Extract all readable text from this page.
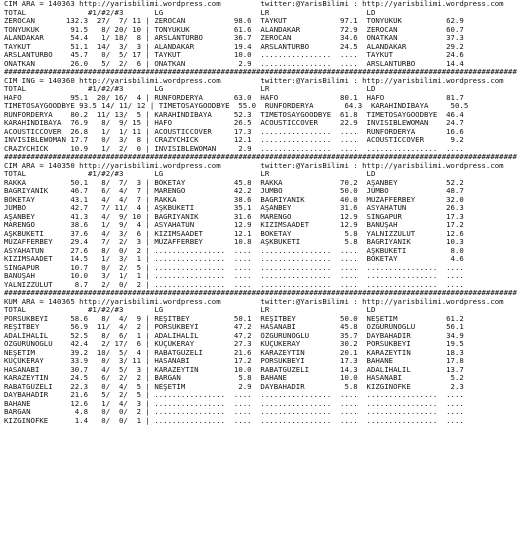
CIM ARA = 140363 http://yarisbilimi.wordpress.com         twitter:@YarisBilimi : http://yarisbilimi.wordpress.com
TOTAL              #1/#2/#3       LG                      LR                      LD
ZEROCAN       132.3  27/  7/ 11 | ZEROCAN           98.6  TAYKUT            97.1  TONYUKUK          62.9
TONYUKUK       91.5   8/ 20/ 10 | TONYUKUK          61.6  ALANDAKAR         72.9  ZEROCAN           60.7
ALANDAKAR      54.4   1/ 18/  8 | ARSLANTURBO       36.7  ZEROCAN           34.6  ONATKAN           37.3
TAYKUT         51.1  14/  3/  3 | ALANDAKAR         19.4  ARSLANTURBO       24.5  ALANDAKAR         29.2
ARSLANTURBO    45.7   0/  5/ 17 | TAYKUT            10.0  ................  ....  TAYKUT            24.6
ONATKAN        26.0   5/  2/  6 | ONATKAN            2.9  ................  ....  ARSLANTURBO       14.4
####################################################################################################################
CIM ING = 140360 http://yarisbilimi.wordpress.com         twitter:@YarisBilimi : http://yarisbilimi.wordpress.com
TOTAL              #1/#2/#3       LG                      LR                      LD
HAFO           95.1  20/ 16/  4 | RUNFORDERYA       63.0  HAFO              80.1  HAFO              81.7
TIMETOSAYGOODBYE 93.5 14/ 11/ 12 | TIMETOSAYGOODBYE  55.0  RUNFORDERYA       64.3  KARAHİNDİBAYA     50.5
RUNFORDERYA    80.2  11/ 13/  5 | KARAHİNDİBAYA     52.3  TIMETOSAYGOODBYE  61.8  TIMETOSAYGOODBYE  46.4
KARAHİNDİBAYA  76.9   8/  9/ 15 | HAFO              26.5  ACOUSTICCOVER     22.9  INVISIBLEWOMAN    24.7
ACOUSTICCOVER  26.8   1/  1/ 11 | ACOUSTICCOVER     17.3  ................  ....  RUNFORDERYA       16.6
INVISIBLEWOMAN 17.7   0/  3/  8 | CRAZYCHICK        12.1  ................  ....  ACOUSTICCOVER      9.2
CRAZYCHICK     10.9   1/  2/  0 | INVISIBLEWOMAN     2.9  ................  ....  ................  ....
####################################################################################################################
CIM ARA = 140350 http://yarisbilimi.wordpress.com         twitter:@YarisBilimi : http://yarisbilimi.wordpress.com
TOTAL              #1/#2/#3       LG                      LR                      LD
RAKKA          50.1   8/  7/  3 | BÖKETAY           45.8  RAKKA             70.2  AŞANBEY           52.2
BAĞRIYANIK     46.7   6/  4/  7 | MARENGO           42.2  JUMBO             50.0  JUMBO             48.7
BÖKETAY        43.1   4/  4/  7 | RAKKA             38.6  BAĞRIYANIK        40.0  MUZAFFERBEY       32.0
JUMBO          42.7   7/ 11/  4 | AŞKBUKETİ         35.1  AŞANBEY           31.6  ASYAHATUN         26.3
AŞANBEY        41.3   4/  9/ 10 | BAĞRIYANIK        31.6  MARENGO           12.9  SİNGAPUR          17.3
MARENGO        38.6   1/  9/  4 | ASYAHATUN         12.9  KIZIMSAADET       12.9  BANÜŞAH           17.2
AŞKBUKETİ      37.6   4/  3/  6 | KIZIMSAADET       12.1  BÖKETAY            5.8  YALNIZZULUT       12.6
MUZAFFERBEY    29.4   7/  2/  3 | MUZAFFERBEY       10.8  AŞKBUKETİ          5.8  BAĞRIYANIK        10.3
ASYAHATUN      27.6   8/  0/  2 | ................  ....  ................  ....  AŞKBUKETİ          8.0
KIZIMSAADET    14.5   1/  3/  1 | ................  ....  ................  ....  BÖKETAY            4.6
SİNGAPUR       10.7   0/  2/  5 | ................  ....  ................  ....  ................  ....
BANÜŞAH        10.0   3/  1/  1 | ................  ....  ................  ....  ................  ....
YALNIZZULUT     8.7   2/  0/  2 | ................  ....  ................  ....  ................  ....
####################################################################################################################
KUM ARA = 140365 http://yarisbilimi.wordpress.com         twitter:@YarisBilimi : http://yarisbilimi.wordpress.com
TOTAL              #1/#2/#3       LG                      LR                      LD
PORSUKBEYİ     58.6   8/  4/  9 | REŞİTBEY          50.1  REŞİTBEY          50.0  NEŞETİM           61.2
REŞİTBEY       56.9  11/  4/  2 | PORSUKBEYİ        47.2  HASANABİ          45.8  ÖZGÜRÜNOĞLU       56.1
ADALİHALİL     52.5   8/  6/  1 | ADALİHALİL        47.2  ÖZGÜRÜNOĞLU       35.7  DAYBAHADIR        34.9
ÖZGÜRÜNOĞLU    42.4   2/ 17/  6 | KÜÇÜKERAY         27.3  KÜÇÜKERAY         30.2  PORSUKBEYİ        19.5
NEŞETİM        39.2  10/  5/  4 | RABATGÜZELİ       21.6  KARAZEYTİN        20.1  KARAZEYTİN        18.3
KÜÇÜKERAY      33.9   0/  3/ 11 | HASANABİ          17.2  PORSUKBEYİ        17.3  BAHANE            17.8
HASANABİ       30.7   4/  5/  3 | KARAZEYTİN        10.0  RABATGÜZELİ       14.3  ADALİHALİL        13.7
KARAZEYTİN     24.5   6/  2/  2 | BARGAN             5.8  BAHANE            10.0  HASANABİ           5.2
RABATGÜZELİ    22.3   0/  4/  5 | NEŞETİM            2.9  DAYBAHADIR         5.8  KIZGINÖFKE         2.3
DAYBAHADIR     21.6   5/  2/  5 | ................  ....  ................  ....  ................  ....
BAHANE         12.6   1/  4/  3 | ................  ....  ................  ....  ................  ....
BARGAN          4.8   0/  0/  2 | ................  ....  ................  ....  ................  ....
KIZGINÖFKE      1.4   0/  0/  1 | ................  ....  ................  ....  ................  ....
